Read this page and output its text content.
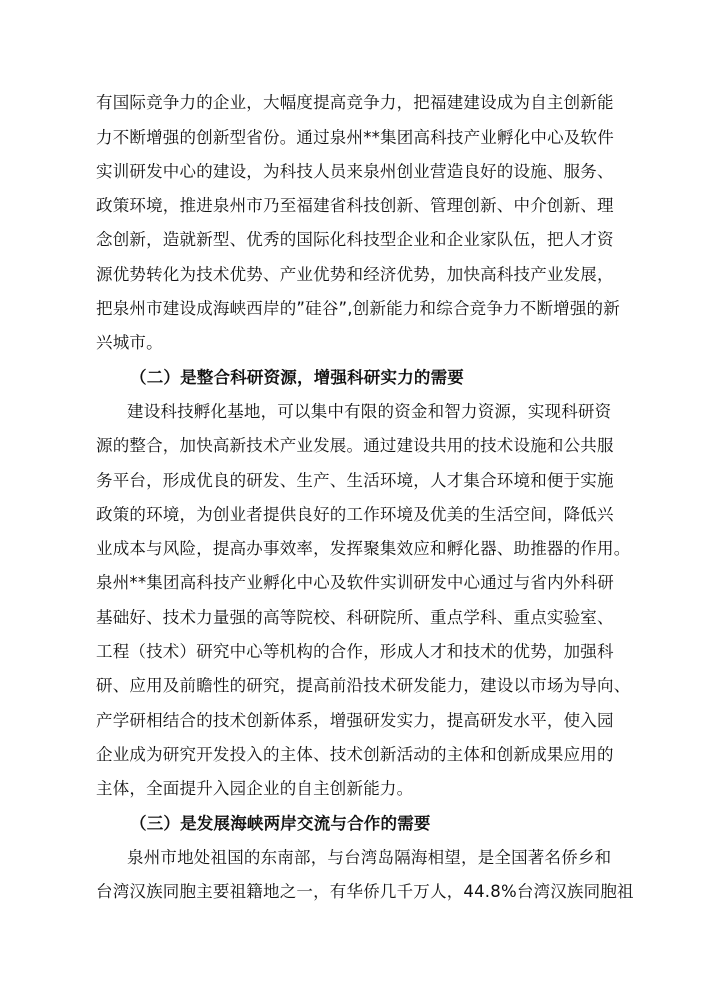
有国际竞争力的企业，大幅度提高竞争力，把福建建设成为自主创新能
力不断增强的创新型省份。通过泉州**集团高科技产业孵化中心及软件
实训研发中心的建设，为科技人员来泉州创业营造良好的设施、服务、
政策环境，推进泉州市乃至福建省科技创新、管理创新、中介创新、理
念创新，造就新型、优秀的国际化科技型企业和企业家队伍，把人才资
源优势转化为技术优势、产业优势和经济优势，加快高科技产业发展，
把泉州市建设成海峡西岸的”硅谷”,创新能力和综合竞争力不断增强的新
兴城市。
（二）是整合科研资源，增强科研实力的需要
建设科技孵化基地，可以集中有限的资金和智力资源，实现科研资
源的整合，加快高新技术产业发展。通过建设共用的技术设施和公共服
务平台，形成优良的研发、生产、生活环境，人才集合环境和便于实施
政策的环境，为创业者提供良好的工作环境及优美的生活空间，降低兴
业成本与风险，提高办事效率，发挥聚集效应和孵化器、助推器的作用。
泉州**集团高科技产业孵化中心及软件实训研发中心通过与省内外科研
基础好、技术力量强的高等院校、科研院所、重点学科、重点实验室、
工程（技术）研究中心等机构的合作，形成人才和技术的优势，加强科
研、应用及前瞻性的研究，提高前沿技术研发能力，建设以市场为导向、
产学研相结合的技术创新体系，增强研发实力，提高研发水平，使入园
企业成为研究开发投入的主体、技术创新活动的主体和创新成果应用的
主体，全面提升入园企业的自主创新能力。
（三）是发展海峡两岸交流与合作的需要
泉州市地处祖国的东南部，与台湾岛隔海相望，是全国著名侨乡和
台湾汉族同胞主要祖籍地之一，有华侨几千万人，44.8%台湾汉族同胞祖
